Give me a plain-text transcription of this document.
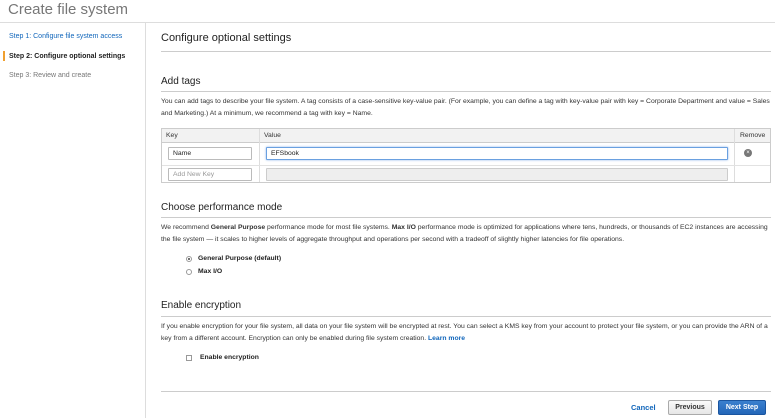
Create file system
Step 1: Configure file system access
Step 2: Configure optional settings
Step 3: Review and create
Configure optional settings
Add tags
You can add tags to describe your file system. A tag consists of a case-sensitive key-value pair. (For example, you can define a tag with key-value pair with key = Corporate Department and value = Sales and Marketing.) At a minimum, we recommend a tag with key = Name.
Key	Value	Remove
Name	EFSbook	×
Add New Key
Choose performance mode
We recommend General Purpose performance mode for most file systems. Max I/O performance mode is optimized for applications where tens, hundreds, or thousands of EC2 instances are accessing the file system — it scales to higher levels of aggregate throughput and operations per second with a tradeoff of slightly higher latencies for file operations.
General Purpose (default)
Max I/O
Enable encryption
If you enable encryption for your file system, all data on your file system will be encrypted at rest. You can select a KMS key from your account to protect your file system, or you can provide the ARN of a key from a different account. Encryption can only be enabled during file system creation. Learn more
Enable encryption
Cancel	Previous	Next Step
